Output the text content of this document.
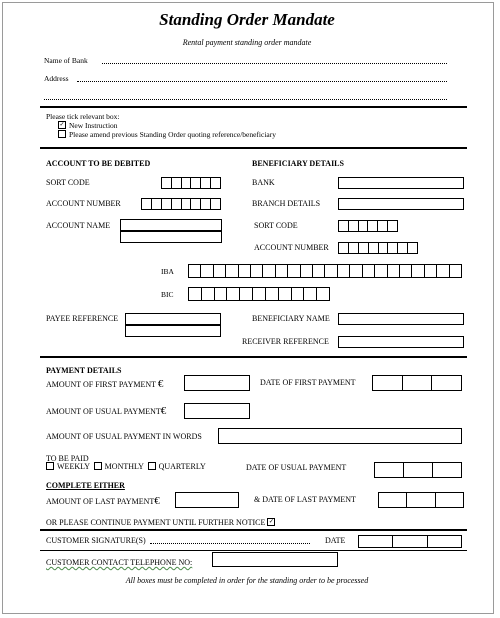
Standing Order Mandate
Rental payment standing order mandate
Name of Bank
Address
Please tick relevant box:
✓ New Instruction
Please amend previous Standing Order quoting reference/beneficiary
ACCOUNT TO BE DEBITED
SORT CODE
ACCOUNT NUMBER
ACCOUNT NAME
BENEFICIARY DETAILS
BANK
BRANCH DETAILS
SORT CODE
ACCOUNT NUMBER
IBA
BIC
PAYEE REFERENCE	BENEFICIARY NAME
RECEIVER REFERENCE
PAYMENT DETAILS
AMOUNT OF FIRST PAYMENT €	DATE OF FIRST PAYMENT
AMOUNT OF USUAL PAYMENT€
AMOUNT OF USUAL PAYMENT IN WORDS
TO BE PAID
WEEKLY MONTHLY QUARTERLY	DATE OF USUAL PAYMENT
COMPLETE EITHER
AMOUNT OF LAST PAYMENT€	& DATE OF LAST PAYMENT
OR PLEASE CONTINUE PAYMENT UNTIL FURTHER NOTICE ✓
CUSTOMER SIGNATURE(S)	DATE
CUSTOMER CONTACT TELEPHONE NO:
All boxes must be completed in order for the standing order to be processed
